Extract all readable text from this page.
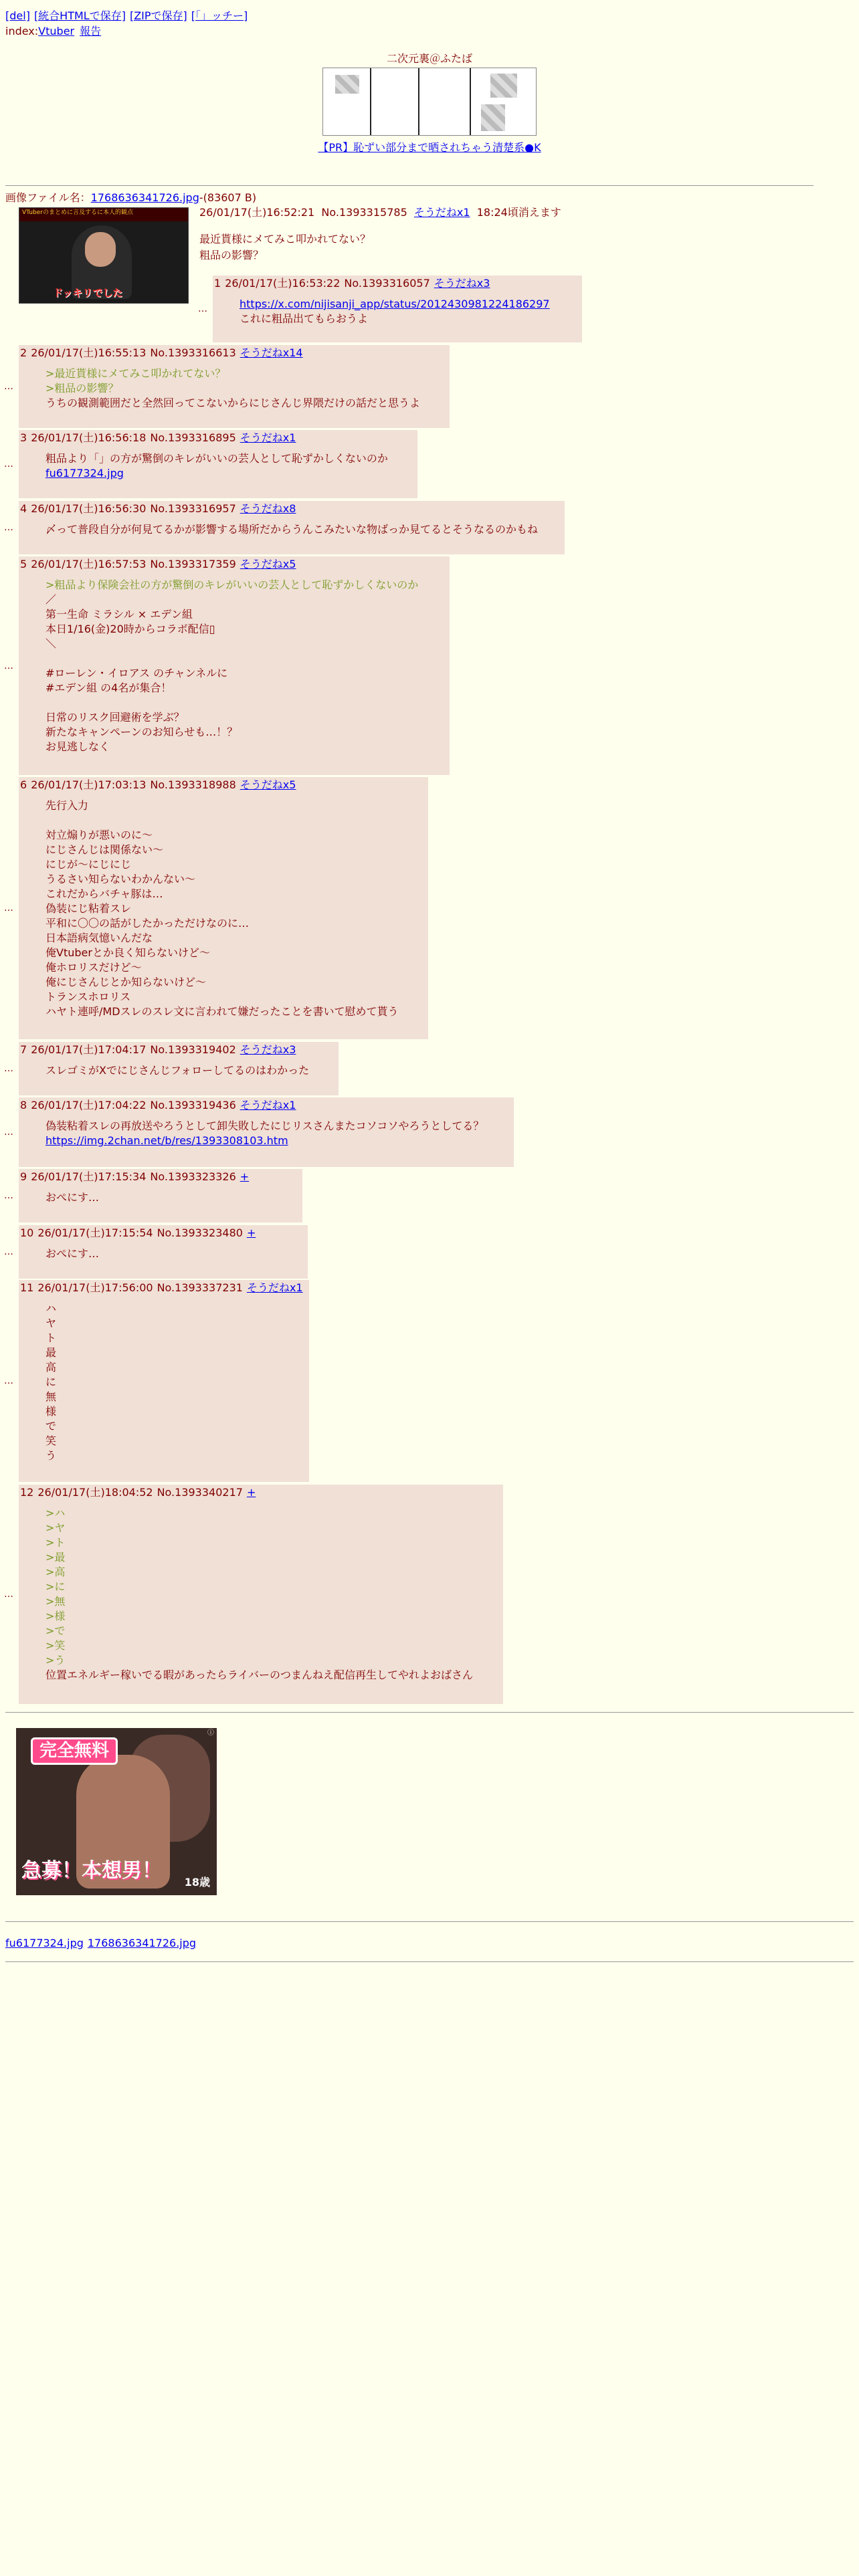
[del] [統合HTMLで保存] [ZIPで保存] [「」ッチー]
index:Vtuber 報告
二次元裏＠ふたば
【PR】恥ずい部分まで晒されちゃう清楚系●K
画像ファイル名：1768636341726.jpg-(83607 B)
VTuberのまとめに言及するに本人的観点
ドッキリでした
26/01/17(土)16:52:21 No.1393315785 そうだねx1 18:24頃消えます
最近貰様にメてみこ叩かれてない？
粗品の影響？
…
1 26/01/17(土)16:53:22 No.1393316057 そうだねx3
https://x.com/nijisanji_app/status/2012430981224186297
これに粗品出てもらおうよ
…
2 26/01/17(土)16:55:13 No.1393316613 そうだねx14
>最近貰様にメてみこ叩かれてない？
>粗品の影響？
うちの観測範囲だと全然回ってこないからにじさんじ界隈だけの話だと思うよ
…
3 26/01/17(土)16:56:18 No.1393316895 そうだねx1
粗品より「」の方が驚倒のキレがいいの芸人として恥ずかしくないのか
fu6177324.jpg
…
4 26/01/17(土)16:56:30 No.1393316957 そうだねx8
〆って普段自分が何見てるかが影響する場所だからうんこみたいな物ばっか見てるとそうなるのかもね
…
5 26/01/17(土)16:57:53 No.1393317359 そうだねx5
>粗品より保険会社の方が驚倒のキレがいいの芸人として恥ずかしくないのか
／
第一生命 ミラシル × エデン組
本日1/16(金)20時からコラボ配信▯
＼
#ローレン・イロアス のチャンネルに
#エデン組 の4名が集合！
日常のリスク回避術を学ぶ？
新たなキャンペーンのお知らせも…！？
お見逃しなく
…
6 26/01/17(土)17:03:13 No.1393318988 そうだねx5
先行入力
対立煽りが悪いのに〜
にじさんじは関係ない〜
にじが〜にじにじ
うるさい知らないわかんない〜
これだからバチャ豚は…
偽装にじ粘着スレ
平和に〇〇の話がしたかっただけなのに…
日本語病気憶いんだな
俺Vtuberとか良く知らないけど〜
俺ホロリスだけど〜
俺にじさんじとか知らないけど〜
トランスホロリス
ハヤト連呼/MDスレのスレ文に言われて嫌だったことを書いて慰めて貰う
…
7 26/01/17(土)17:04:17 No.1393319402 そうだねx3
スレゴミがXでにじさんじフォローしてるのはわかった
…
8 26/01/17(土)17:04:22 No.1393319436 そうだねx1
偽装粘着スレの再放送やろうとして卸失敗したにじリスさんまたコソコソやろうとしてる？
https://img.2chan.net/b/res/1393308103.htm
…
9 26/01/17(土)17:15:34 No.1393323326 +
おぺにす…
…
10 26/01/17(土)17:15:54 No.1393323480 +
おぺにす…
…
11 26/01/17(土)17:56:00 No.1393337231 そうだねx1
ハ
ヤ
ト
最
高
に
無
様
で
笑
う
…
12 26/01/17(土)18:04:52 No.1393340217 +
>ハ
>ヤ
>ト
>最
>高
>に
>無
>様
>で
>笑
>う
位置エネルギー稼いでる暇があったらライバーのつまんねえ配信再生してやれよおばさん
完全無料
急募！本想男！ 18歳
ⓘ
fu6177324.jpg 1768636341726.jpg
